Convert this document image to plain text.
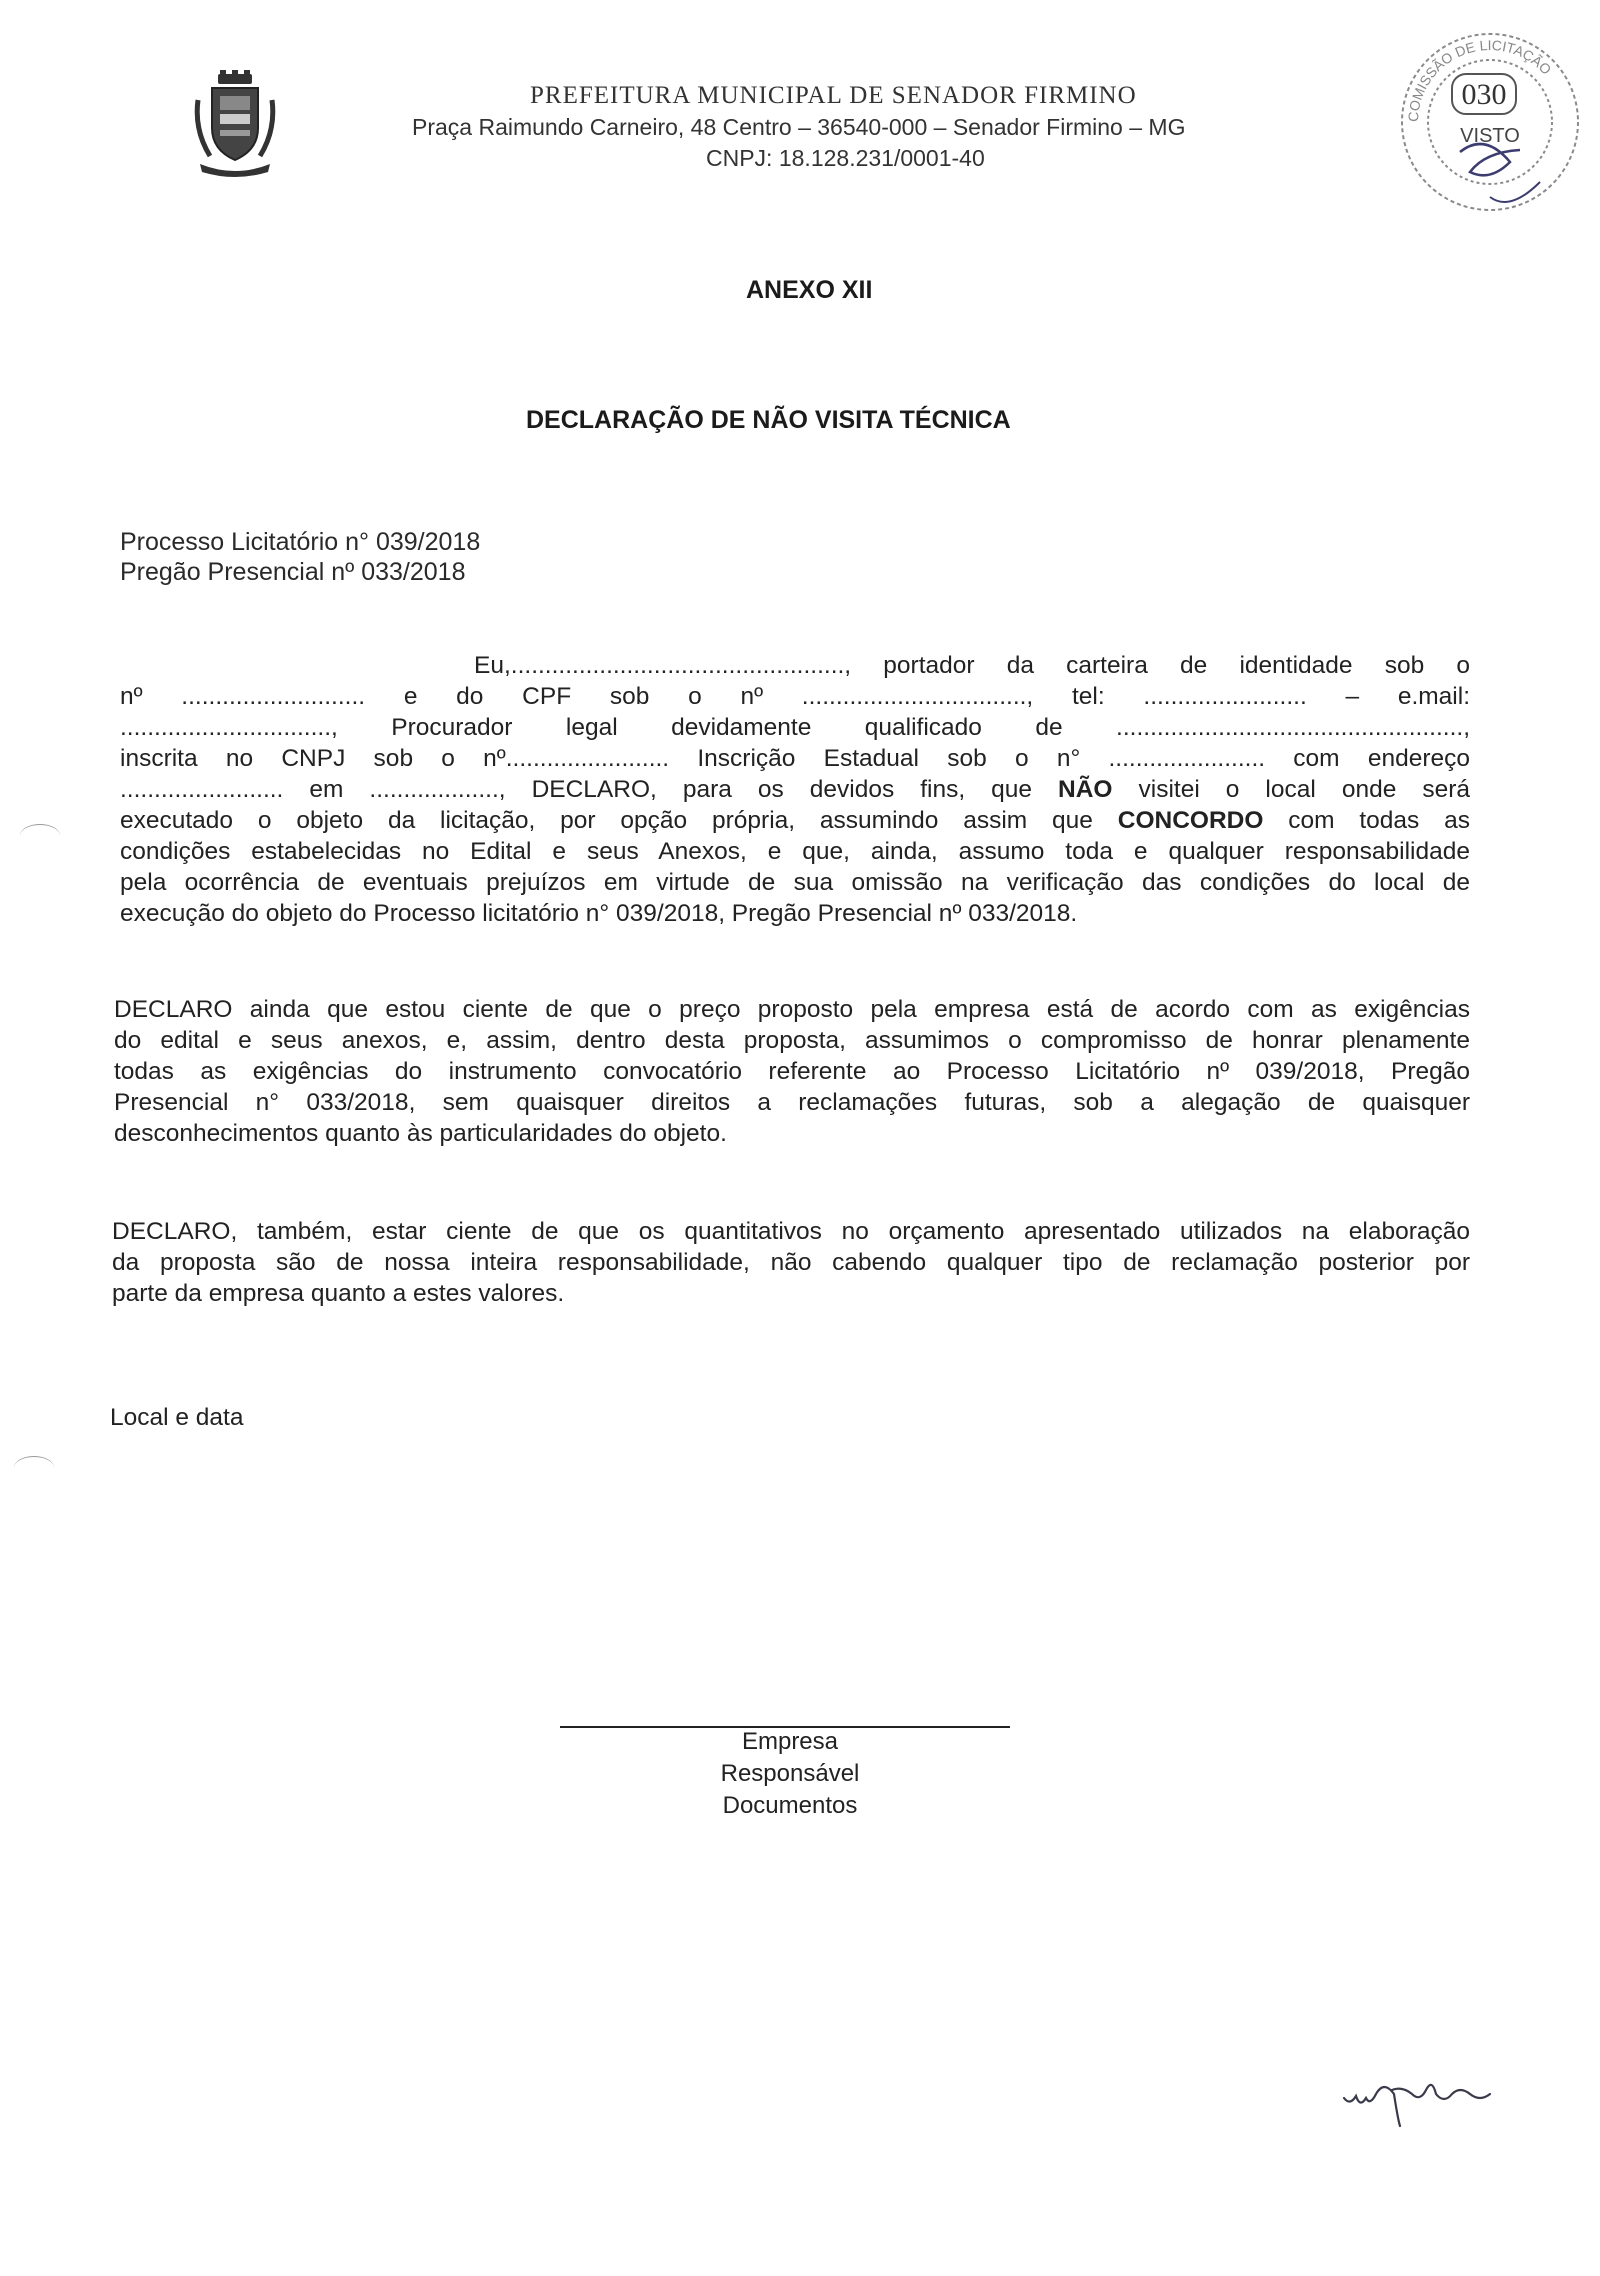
PREFEITURA MUNICIPAL DE SENADOR FIRMINO
Praça Raimundo Carneiro, 48 Centro – 36540-000 – Senador Firmino – MG
CNPJ: 18.128.231/0001-40
COMISSÃO DE LICITAÇÃO
030
VISTO
ANEXO XII
DECLARAÇÃO DE NÃO VISITA TÉCNICA
Processo Licitatório n° 039/2018
Pregão Presencial nº 033/2018
Eu,................................................., portador da carteira de identidade sob o
nº ........................... e do CPF sob o nº ................................., tel: ........................ – e.mail:
..............................., Procurador legal devidamente qualificado de ...................................................,
inscrita no CNPJ sob o nº........................ Inscrição Estadual sob o n° ....................... com endereço
........................ em ..................., DECLARO, para os devidos fins, que NÃO visitei o local onde será
executado o objeto da licitação, por opção própria, assumindo assim que CONCORDO com todas as
condições estabelecidas no Edital e seus Anexos, e que, ainda, assumo toda e qualquer responsabilidade
pela ocorrência de eventuais prejuízos em virtude de sua omissão na verificação das condições do local de
execução do objeto do Processo licitatório n° 039/2018, Pregão Presencial nº 033/2018.
DECLARO ainda que estou ciente de que o preço proposto pela empresa está de acordo com as exigências
do edital e seus anexos, e, assim, dentro desta proposta, assumimos o compromisso de honrar plenamente
todas as exigências do instrumento convocatório referente ao Processo Licitatório nº 039/2018, Pregão
Presencial n° 033/2018, sem quaisquer direitos a reclamações futuras, sob a alegação de quaisquer
desconhecimentos quanto às particularidades do objeto.
DECLARO, também, estar ciente de que os quantitativos no orçamento apresentado utilizados na elaboração
da proposta são de nossa inteira responsabilidade, não cabendo qualquer tipo de reclamação posterior por
parte da empresa quanto a estes valores.
Local e data
Empresa
Responsável
Documentos
